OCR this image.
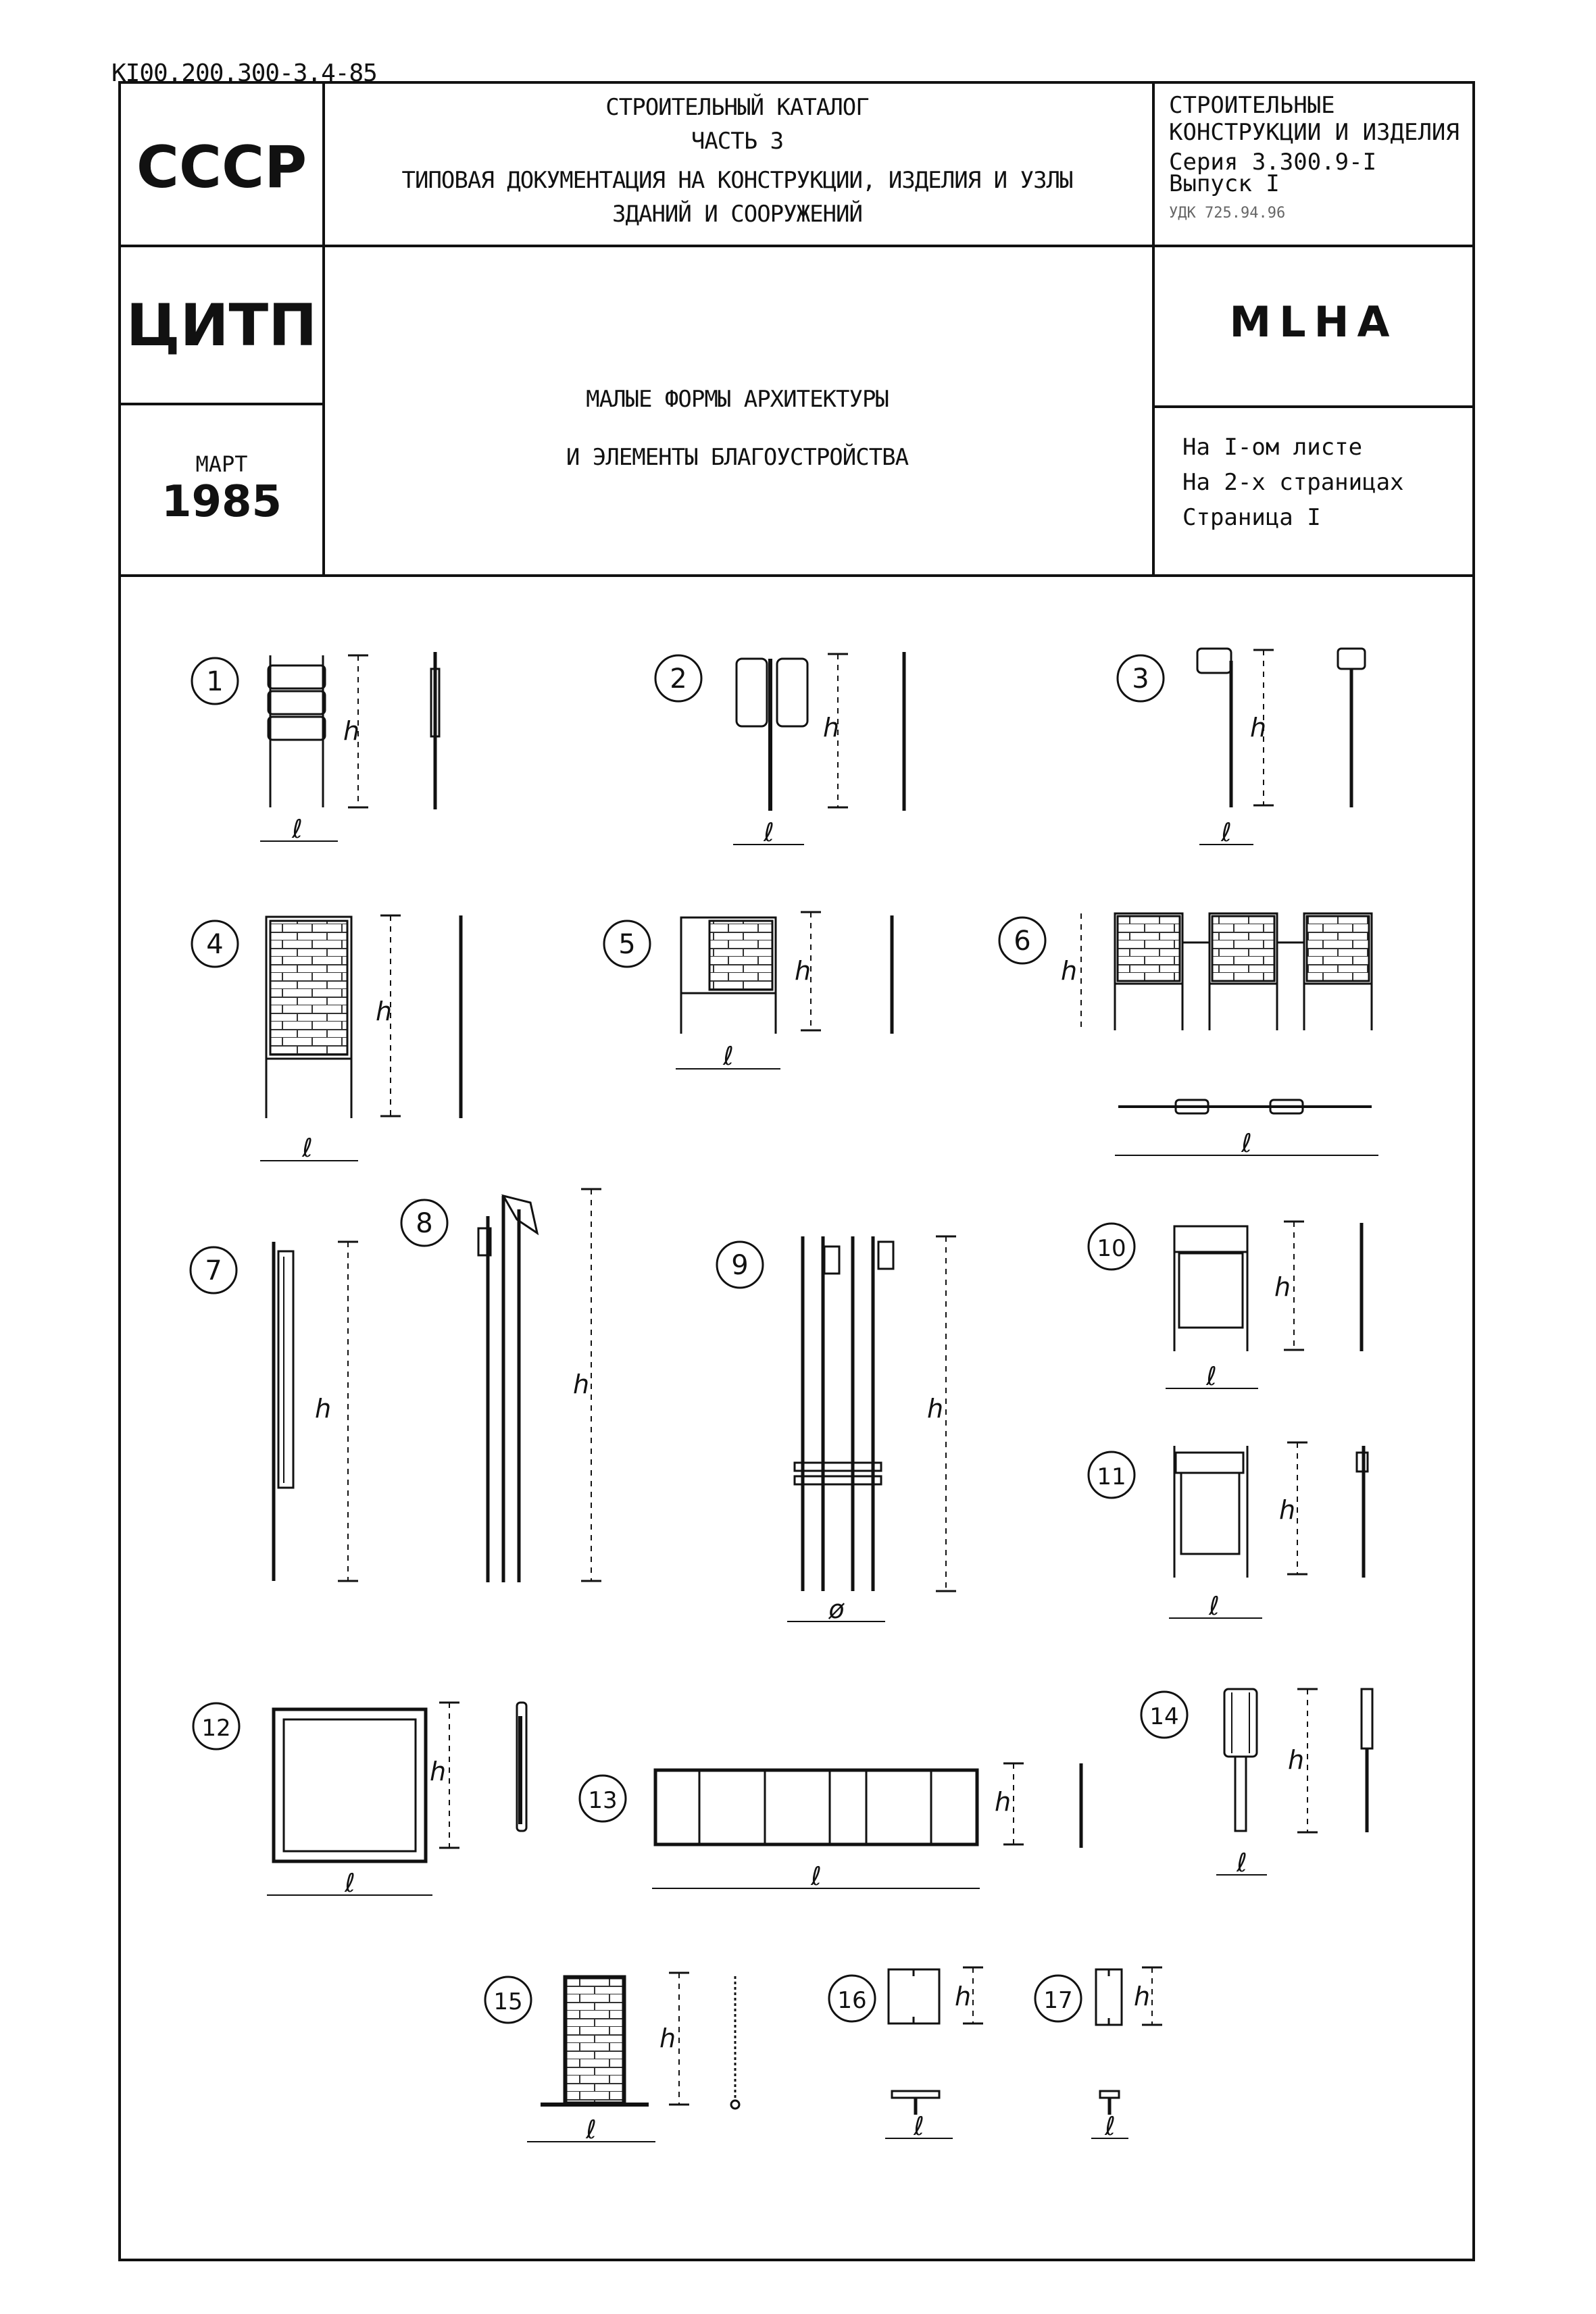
KI00.200.300-3.4-85
СССР
ЦИТП
МАРТ
1985
СТРОИТЕЛЬНЫЙ КАТАЛОГ
ЧАСТЬ 3
ТИПОВАЯ ДОКУМЕНТАЦИЯ НА КОНСТРУКЦИИ, ИЗДЕЛИЯ И УЗЛЫ
ЗДАНИЙ И СООРУЖЕНИЙ
МАЛЫЕ ФОРМЫ АРХИТЕКТУРЫ
И ЭЛЕМЕНТЫ БЛАГОУСТРОЙСТВА
СТРОИТЕЛЬНЫЕ
КОНСТРУКЦИИ И ИЗДЕЛИЯ
Серия 3.300.9-I
Выпуск I
УДК 725.94.96
MLHA
На I-ом листе
На 2-х страницах
Страница I
1	2	3
4	5	6
7
8
9
10
11
12
13
14
15	16	17
ℓ	ℓ	ℓ
ℓ
ℓ
ℓ
ℓ
ℓ
ℓ	ℓ	ℓ
ℓ	ℓ	ℓ
ø
h	h	h
h
h	h
h
h
h
h
h
h
h
h
h
h	h
